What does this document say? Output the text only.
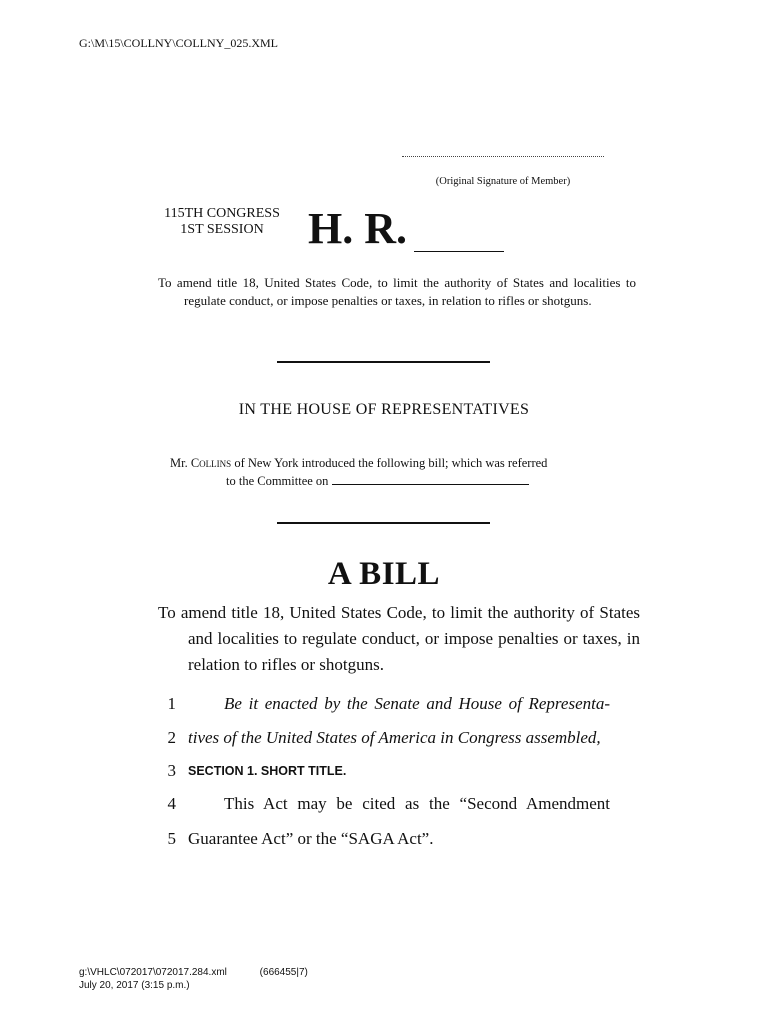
G:\M\15\COLLNY\COLLNY_025.XML
(Original Signature of Member)
115TH CONGRESS
1ST SESSION	H. R.
To amend title 18, United States Code, to limit the authority of States and localities to regulate conduct, or impose penalties or taxes, in relation to rifles or shotguns.
IN THE HOUSE OF REPRESENTATIVES
Mr. Collins of New York introduced the following bill; which was referred
to the Committee on
A BILL
To amend title 18, United States Code, to limit the authority of States and localities to regulate conduct, or impose penalties or taxes, in relation to rifles or shotguns.
1	Be it enacted by the Senate and House of Representa-
2 tives of the United States of America in Congress assembled,
3 SECTION 1. SHORT TITLE.
4	This Act may be cited as the “Second Amendment
5 Guarantee Act” or the “SAGA Act”.
g:\VHLC\072017\072017.284.xml	(666455|7)
July 20, 2017 (3:15 p.m.)
